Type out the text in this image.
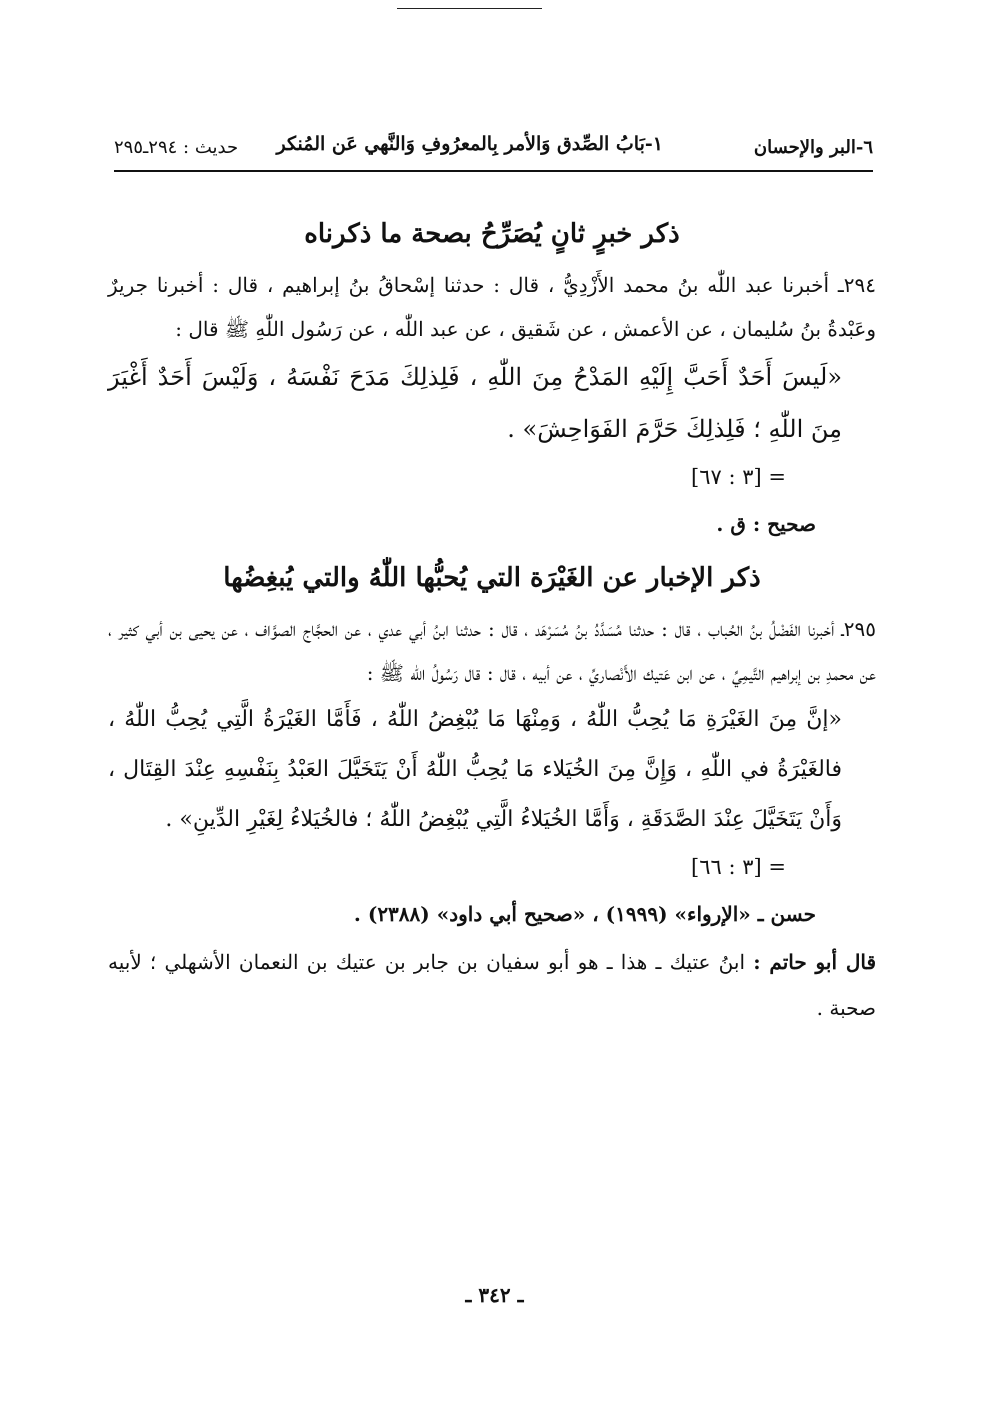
٦-البر والإحسان
١-بَابُ الصِّدق وَالأمر بِالمعرُوفِ وَالنَّهي عَن المُنكر
حديث : ٢٩٤ـ٢٩٥

ذكر خبرٍ ثانٍ يُصَرِّحُ بصحة ما ذكرناه

٢٩٤ـ أخبرنا عبد اللّٰه بنُ محمد الأَزْدِيُّ ، قال : حدثنا إسْحاقُ بنُ إبراهيم ، قال : أخبرنا جريرٌ وعَبْدةُ بنُ سُليمان ، عن الأعمش ، عن شَقيق ، عن عبد اللّٰه ، عن رَسُول اللّٰهِ ﷺ قال :

«لَيسَ أَحَدٌ أَحَبَّ إِلَيْهِ المَدْحُ مِنَ اللّٰهِ ، فَلِذلِكَ مَدَحَ نَفْسَهُ ، وَلَيْسَ أَحَدٌ أَغْيَرَ مِنَ اللّٰهِ ؛ فَلِذلِكَ حَرَّمَ الفَوَاحِشَ» .

= [٣ : ٦٧]

صحيح : ق .

ذكر الإخبار عن الغَيْرَة التي يُحبُّها اللّٰهُ والتي يُبغِضُها

٢٩٥ـ أخبرنا الفَضْلُ بنُ الحُباب ، قال : حدثنا مُسَدَّدُ بنُ مُسَرْهَد ، قال : حدثنا ابنُ أبي عدي ، عن الحجَّاج الصوَّاف ، عن يحيى بن أبي كثير ، عن محمدِ بن إبراهيم التَّيمِيِّ ، عن ابن عَتيك الأَنْصاريِّ ، عن أبيه ، قال : قال رَسُولُ اللّٰه ﷺ :

«إنَّ مِنَ الغَيْرَةِ مَا يُحِبُّ اللّٰهُ ، وَمِنْهَا مَا يُبْغِضُ اللّٰهُ ، فَأَمَّا الغَيْرَةُ الَّتِي يُحِبُّ اللّٰهُ ، فالغَيْرَةُ في اللّٰهِ ، وَإِنَّ مِنَ الخُيَلاء مَا يُحِبُّ اللّٰهُ أَنْ يَتَخَيَّلَ العَبْدُ بِنَفْسِهِ عِنْدَ القِتَال ، وَأَنْ يَتَخَيَّلَ عِنْدَ الصَّدَقَةِ ، وَأَمَّا الخُيَلاءُ الَّتِي يُبْغِضُ اللّٰهُ ؛ فالخُيَلاءُ لِغَيْرِ الدِّينِ» .

= [٣ : ٦٦]

حسن ـ «الإرواء» (١٩٩٩) ، «صحيح أبي داود» (٢٣٨٨) .

قال أبو حاتم : ابنُ عتيك ـ هذا ـ هو أبو سفيان بن جابر بن عتيك بن النعمان الأشهلي ؛ لأبيه صحبة .

ـ ٣٤٢ ـ
